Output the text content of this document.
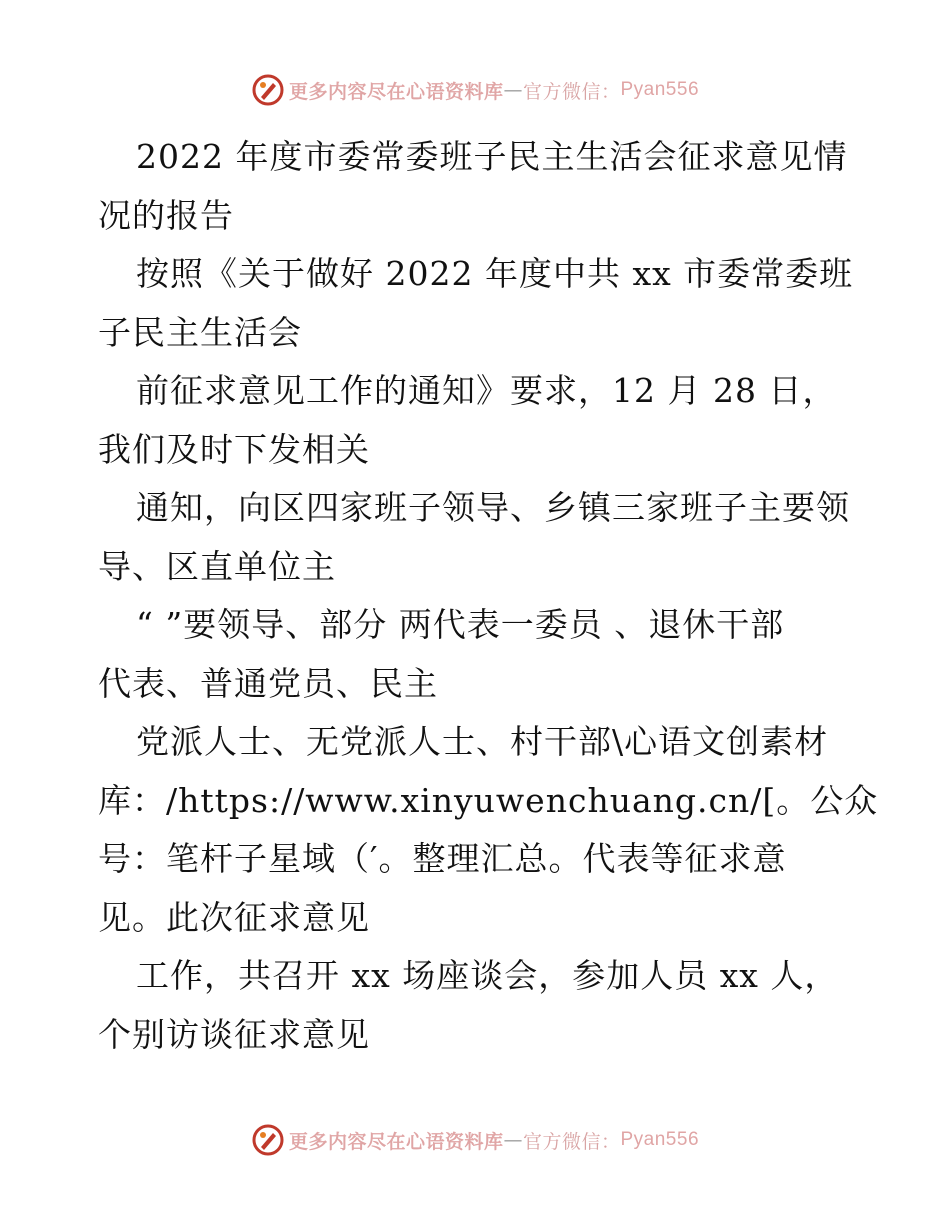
更多内容尽在心语资料库 — 官方微信： Pyan556
2022 年度市委常委班子民主生活会征求意见情
况的报告
按照《关于做好 2022 年度中共 xx 市委常委班
子民主生活会
前征求意见工作的通知》要求，12 月 28 日，
我们及时下发相关
通知，向区四家班子领导、乡镇三家班子主要领
导、区直单位主
“ ”要领导、部分 两代表一委员 、退休干部
代表、普通党员、民主
党派人士、无党派人士、村干部\心语文创素材
库：/https://www.xinyuwenchuang.cn/[。公众
号：笔杆子星域（′。整理汇总。代表等征求意
见。此次征求意见
工作，共召开 xx 场座谈会，参加人员 xx 人，
个别访谈征求意见
更多内容尽在心语资料库 — 官方微信： Pyan556
